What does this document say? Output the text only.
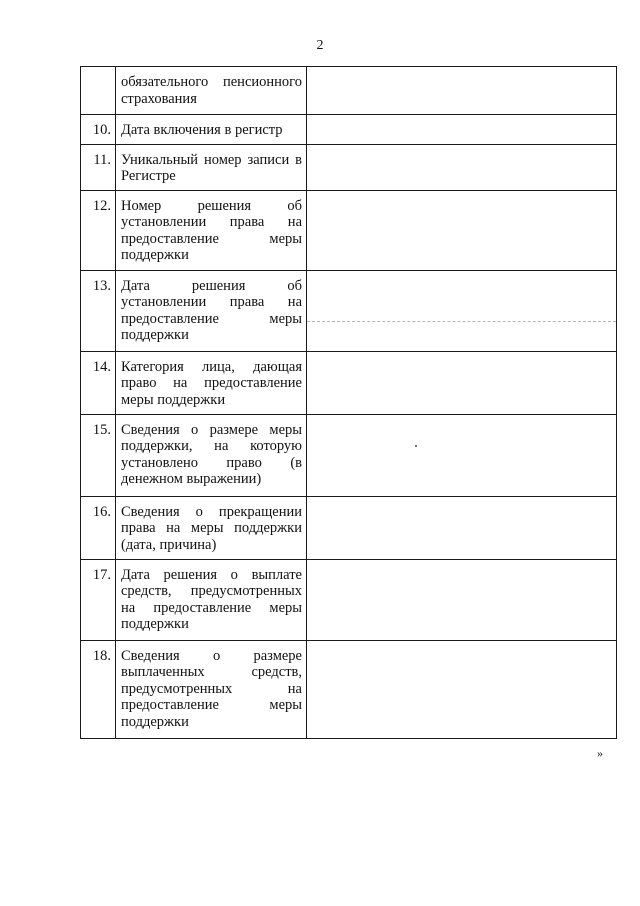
2

	обязательного пенсионного страхования	

10.	Дата включения в регистр	

11.	Уникальный номер записи в Регистре	

12.	Номер решения об установлении права на предоставление меры поддержки	

13.	Дата решения об установлении права на предоставление меры поддержки	

14.	Категория лица, дающая право на предоставление меры поддержки	

15.	Сведения о размере меры поддержки, на которую установлено право (в денежном выражении)	

16.	Сведения о прекращении права на меры поддержки (дата, причина)	

17.	Дата решения о выплате средств, предусмотренных на предоставление меры поддержки	

18.	Сведения о размере выплаченных средств, предусмотренных на предоставление меры поддержки	

»
